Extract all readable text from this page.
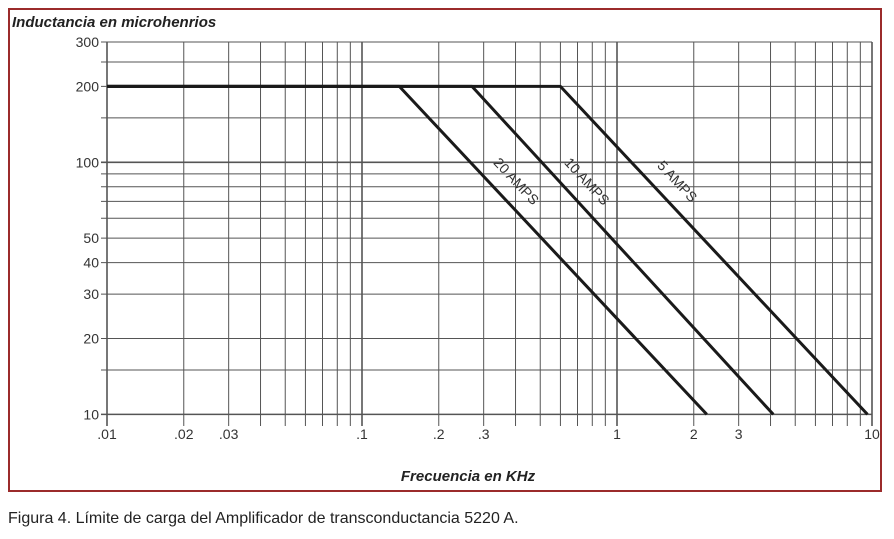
Inductancia en microhenrios
Frecuencia en KHz
.01	.02 .03	.1	.2 .3	1	2	3	10
10
20
30
40
50
100
200
300
5 AMPS
10 AMPS
20 AMPS
Figura 4. Límite de carga del Amplificador de transconductancia 5220 A.
